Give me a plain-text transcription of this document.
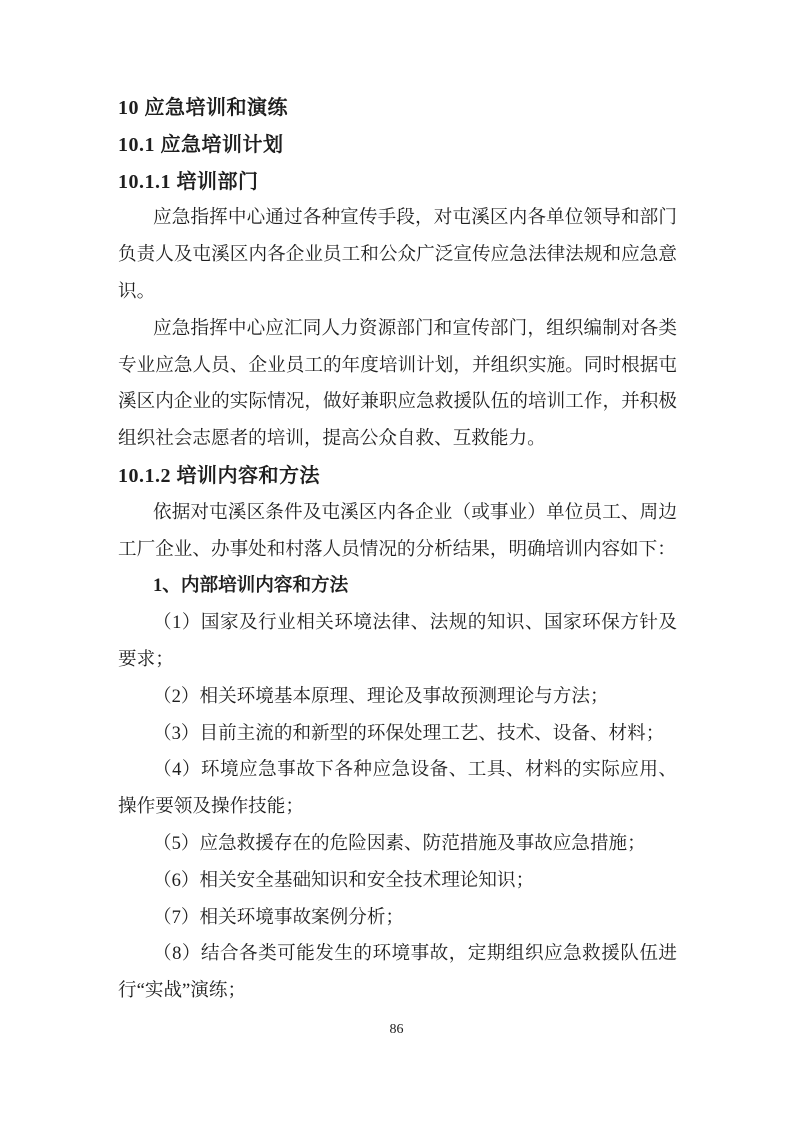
10 应急培训和演练
10.1 应急培训计划
10.1.1 培训部门

应急指挥中心通过各种宣传手段，对屯溪区内各单位领导和部门负责人及屯溪区内各企业员工和公众广泛宣传应急法律法规和应急意识。

应急指挥中心应汇同人力资源部门和宣传部门，组织编制对各类专业应急人员、企业员工的年度培训计划，并组织实施。同时根据屯溪区内企业的实际情况，做好兼职应急救援队伍的培训工作，并积极组织社会志愿者的培训，提高公众自救、互救能力。

10.1.2 培训内容和方法

依据对屯溪区条件及屯溪区内各企业（或事业）单位员工、周边工厂企业、办事处和村落人员情况的分析结果，明确培训内容如下：

1、内部培训内容和方法

（1）国家及行业相关环境法律、法规的知识、国家环保方针及要求；

（2）相关环境基本原理、理论及事故预测理论与方法；

（3）目前主流的和新型的环保处理工艺、技术、设备、材料；

（4）环境应急事故下各种应急设备、工具、材料的实际应用、操作要领及操作技能；

（5）应急救援存在的危险因素、防范措施及事故应急措施；

（6）相关安全基础知识和安全技术理论知识；

（7）相关环境事故案例分析；

（8）结合各类可能发生的环境事故，定期组织应急救援队伍进行“实战”演练；

86
